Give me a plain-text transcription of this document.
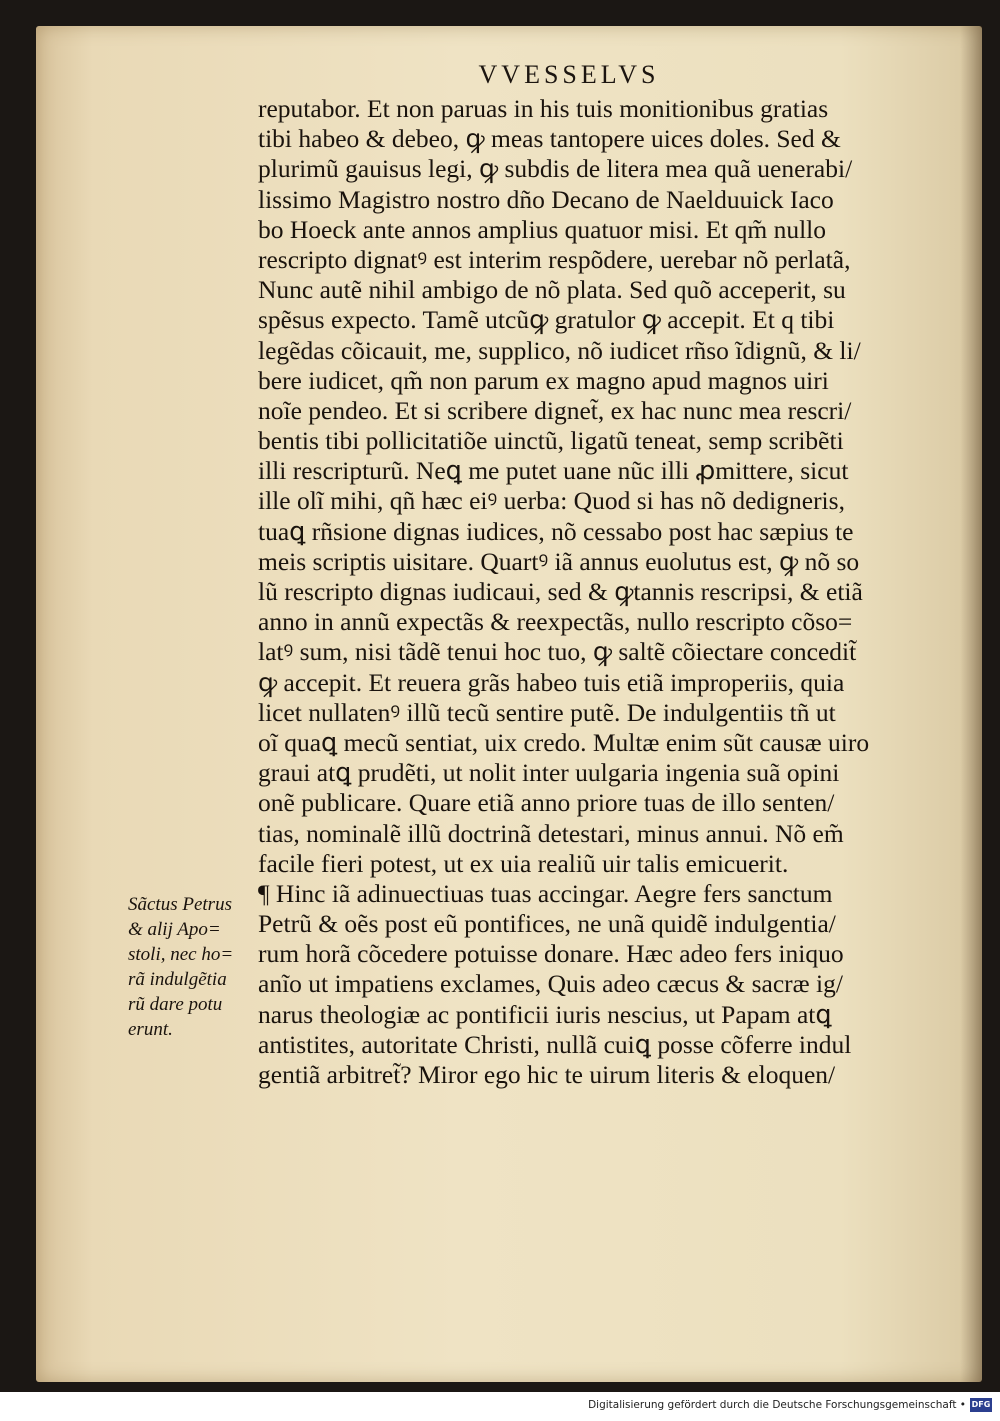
VVESSELVS
reputabor. Et non paruas in his tuis monitionibus gratias
tibi habeo & debeo, ꝙ meas tantopere uices doles. Sed &
plurimũ gauisus legi, ꝙ subdis de litera mea quã uenerabi/
lissimo Magistro nostro dño Decano de Naelduuick Iaco
bo Hoeck ante annos amplius quatuor misi. Et qm̃ nullo
rescripto dignatꝰ est interim respõdere, uerebar nõ perlatã,
Nunc autẽ nihil ambigo de nõ plata. Sed quõ acceperit, su
spẽsus expecto. Tamẽ utcũꝙ gratulor ꝙ accepit. Et q tibi
legẽdas cõicauit, me, supplico, nõ iudicet rñso ĩdignũ, & li/
bere iudicet, qm̃ non parum ex magno apud magnos uiri
noĩe pendeo. Et si scribere dignet̃, ex hac nunc mea rescri/
bentis tibi pollicitatiõe uinctũ, ligatũ teneat, semp scribẽti
illi rescripturũ. Neꝗ me putet uane nũc illi ꝓmittere, sicut
ille olĩ mihi, qñ hæc eiꝰ uerba: Quod si has nõ dedigneris,
tuaꝗ rñsione dignas iudices, nõ cessabo post hac sæpius te
meis scriptis uisitare. Quartꝰ iã annus euolutus est, ꝙ nõ so
lũ rescripto dignas iudicaui, sed & ꝙtannis rescripsi, & etiã
anno in annũ expectãs & reexpectãs, nullo rescripto cõso=
latꝰ sum, nisi tãdẽ tenui hoc tuo, ꝙ saltẽ cõiectare concedit̃
ꝙ accepit. Et reuera grãs habeo tuis etiã improperiis, quia
licet nullatenꝰ illũ tecũ sentire putẽ. De indulgentiis tñ ut
oĩ quaꝗ mecũ sentiat, uix credo. Multæ enim sũt causæ uiro
graui atꝗ prudẽti, ut nolit inter uulgaria ingenia suã opini
onẽ publicare. Quare etiã anno priore tuas de illo senten/
tias, nominalẽ illũ doctrinã detestari, minus annui. Nõ em̃
facile fieri potest, ut ex uia realiũ uir talis emicuerit.
¶ Hinc iã adinuectiuas tuas accingar. Aegre fers sanctum
Petrũ & oẽs post eũ pontifices, ne unã quidẽ indulgentia/
rum horã cõcedere potuisse donare. Hæc adeo fers iniquo
anĩo ut impatiens exclames, Quis adeo cæcus & sacræ ig/
narus theologiæ ac pontificii iuris nescius, ut Papam atꝗ
antistites, autoritate Christi, nullã cuiꝗ posse cõferre indul
gentiã arbitret̃? Miror ego hic te uirum literis & eloquen/
Sãctus Petrus
& alij Apo=
stoli, nec ho=
rã indulgẽtia
rũ dare potu
erunt.
Digitalisierung gefördert durch die Deutsche Forschungsgemeinschaft • DFG
